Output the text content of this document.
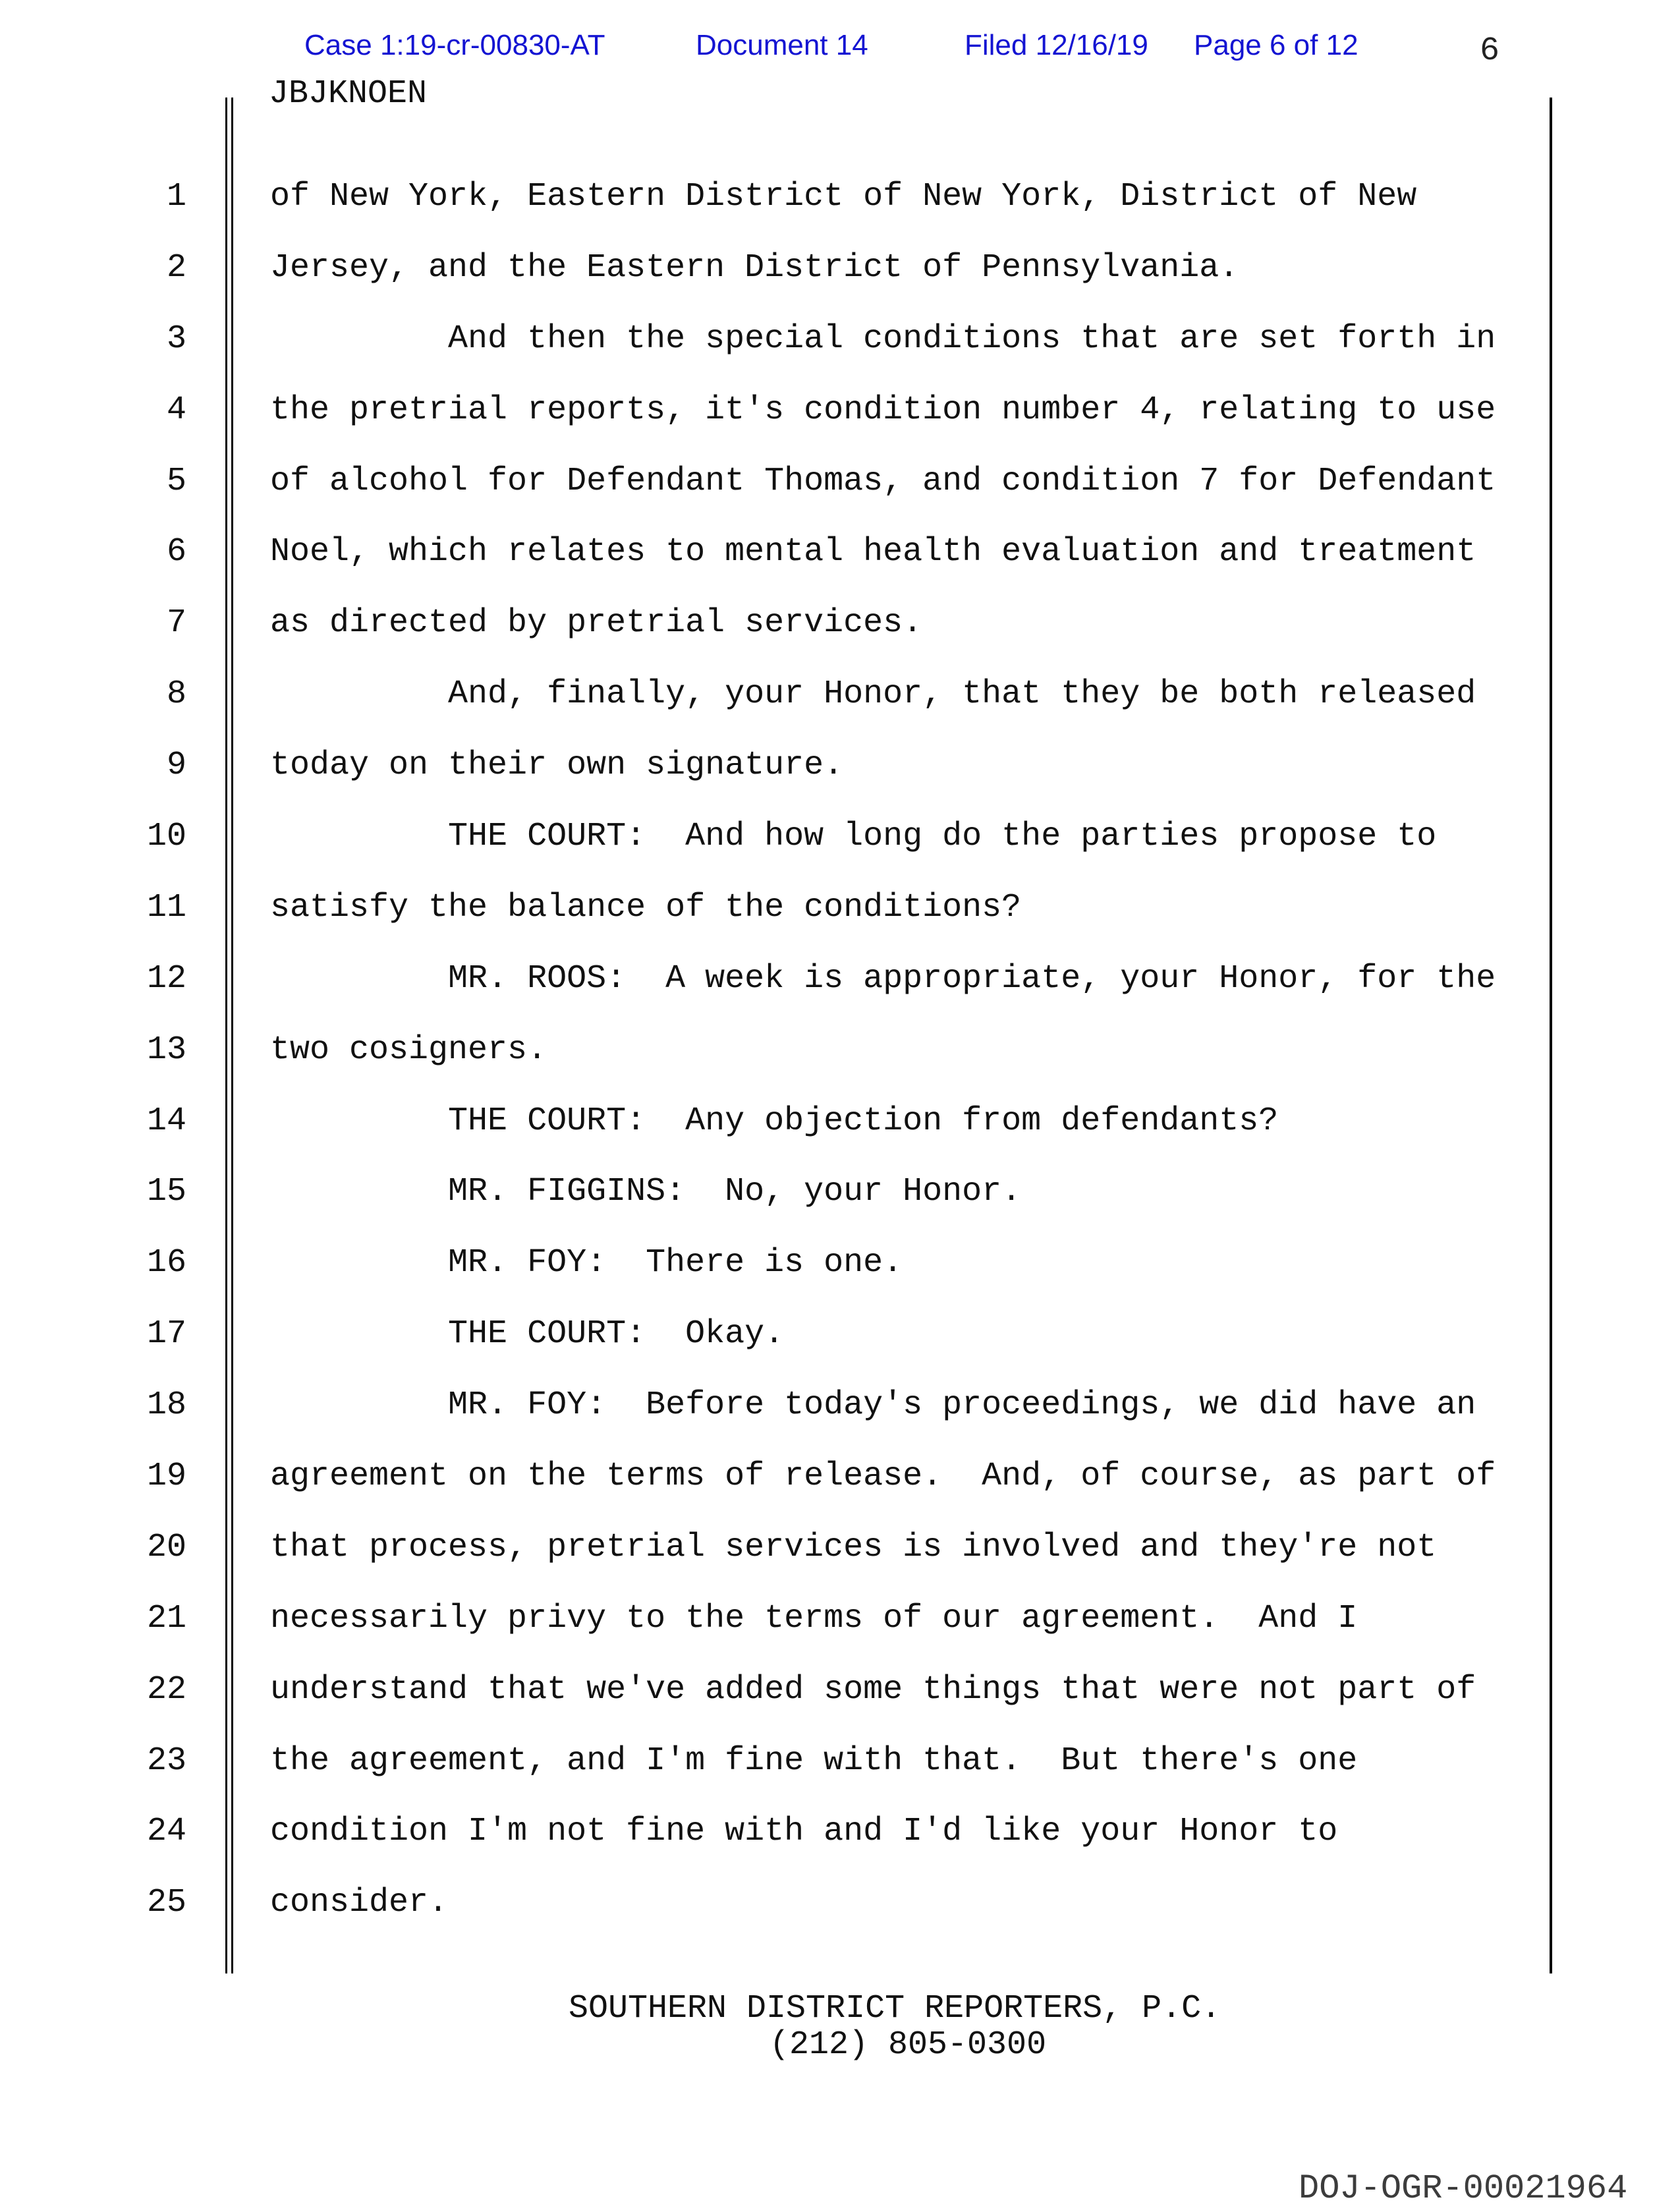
Case 1:19-cr-00830-AT	Document 14	Filed 12/16/19 Page 6 of 12	6
JBJKNOEN
1	of New York, Eastern District of New York, District of New
2	Jersey, and the Eastern District of Pennsylvania.
3	And then the special conditions that are set forth in
4	the pretrial reports, it's condition number 4, relating to use
5	of alcohol for Defendant Thomas, and condition 7 for Defendant
6	Noel, which relates to mental health evaluation and treatment
7	as directed by pretrial services.
8	And, finally, your Honor, that they be both released
9	today on their own signature.
10	THE COURT:  And how long do the parties propose to
11	satisfy the balance of the conditions?
12	MR. ROOS:  A week is appropriate, your Honor, for the
13	two cosigners.
14	THE COURT:  Any objection from defendants?
15	MR. FIGGINS:  No, your Honor.
16	MR. FOY:  There is one.
17	THE COURT:  Okay.
18	MR. FOY:  Before today's proceedings, we did have an
19	agreement on the terms of release.  And, of course, as part of
20	that process, pretrial services is involved and they're not
21	necessarily privy to the terms of our agreement.  And I
22	understand that we've added some things that were not part of
23	the agreement, and I'm fine with that.  But there's one
24	condition I'm not fine with and I'd like your Honor to
25	consider.
SOUTHERN DISTRICT REPORTERS, P.C.
(212) 805-0300
DOJ-OGR-00021964
